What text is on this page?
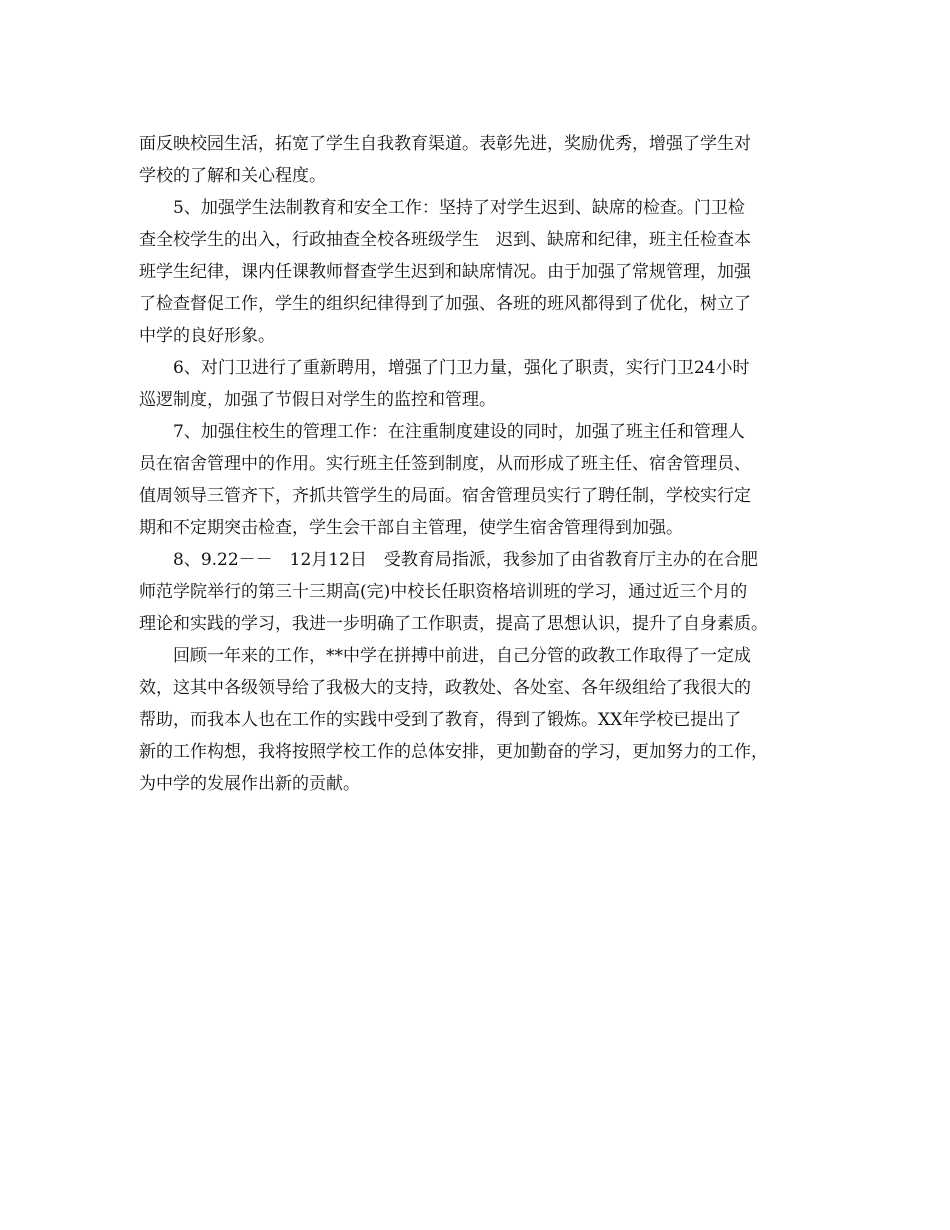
面反映校园生活，拓宽了学生自我教育渠道。表彰先进，奖励优秀，增强了学生对
学校的了解和关心程度。
5、加强学生法制教育和安全工作：坚持了对学生迟到、缺席的检查。门卫检
查全校学生的出入，行政抽查全校各班级学生　迟到、缺席和纪律，班主任检查本
班学生纪律，课内任课教师督查学生迟到和缺席情况。由于加强了常规管理，加强
了检查督促工作，学生的组织纪律得到了加强、各班的班风都得到了优化，树立了
中学的良好形象。
6、对门卫进行了重新聘用，增强了门卫力量，强化了职责，实行门卫24小时
巡逻制度，加强了节假日对学生的监控和管理。
7、加强住校生的管理工作：在注重制度建设的同时，加强了班主任和管理人
员在宿舍管理中的作用。实行班主任签到制度，从而形成了班主任、宿舍管理员、
值周领导三管齐下，齐抓共管学生的局面。宿舍管理员实行了聘任制，学校实行定
期和不定期突击检查，学生会干部自主管理，使学生宿舍管理得到加强。
8、9.22－－　12月12日　受教育局指派，我参加了由省教育厅主办的在合肥
师范学院举行的第三十三期高(完)中校长任职资格培训班的学习，通过近三个月的
理论和实践的学习，我进一步明确了工作职责，提高了思想认识，提升了自身素质。
回顾一年来的工作，**中学在拼搏中前进，自己分管的政教工作取得了一定成
效，这其中各级领导给了我极大的支持，政教处、各处室、各年级组给了我很大的
帮助，而我本人也在工作的实践中受到了教育，得到了锻炼。XX年学校已提出了
新的工作构想，我将按照学校工作的总体安排，更加勤奋的学习，更加努力的工作，
为中学的发展作出新的贡献。
